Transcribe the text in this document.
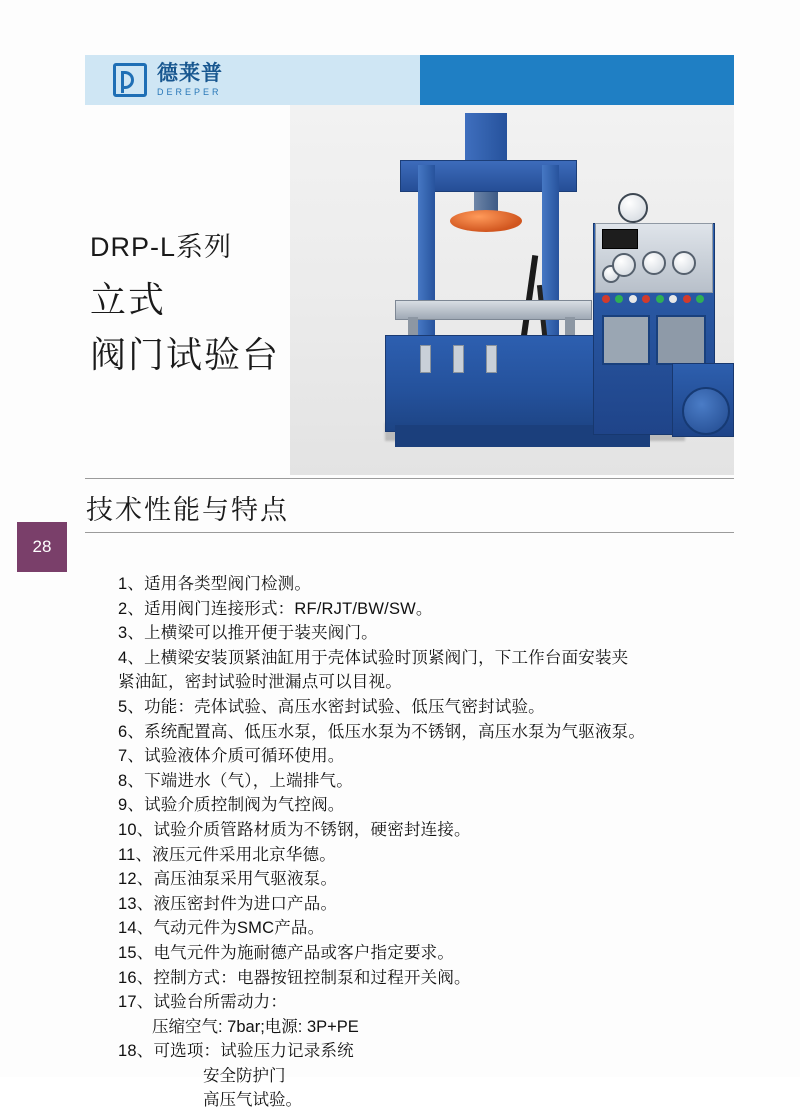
德莱普
DEREPER
DRP-L系列
立式
阀门试验台
技术性能与特点
28
1、适用各类型阀门检测。
2、适用阀门连接形式：RF/RJT/BW/SW。
3、上横梁可以推开便于装夹阀门。
4、上横梁安装顶紧油缸用于壳体试验时顶紧阀门，下工作台面安装夹
紧油缸，密封试验时泄漏点可以目视。
5、功能：壳体试验、高压水密封试验、低压气密封试验。
6、系统配置高、低压水泵，低压水泵为不锈钢，高压水泵为气驱液泵。
7、试验液体介质可循环使用。
8、下端进水（气），上端排气。
9、试验介质控制阀为气控阀。
10、试验介质管路材质为不锈钢，硬密封连接。
11、液压元件采用北京华德。
12、高压油泵采用气驱液泵。
13、液压密封件为进口产品。
14、气动元件为SMC产品。
15、电气元件为施耐德产品或客户指定要求。
16、控制方式：电器按钮控制泵和过程开关阀。
17、试验台所需动力：
压缩空气: 7bar;电源: 3P+PE
18、可选项：试验压力记录系统
安全防护门
高压气试验。
